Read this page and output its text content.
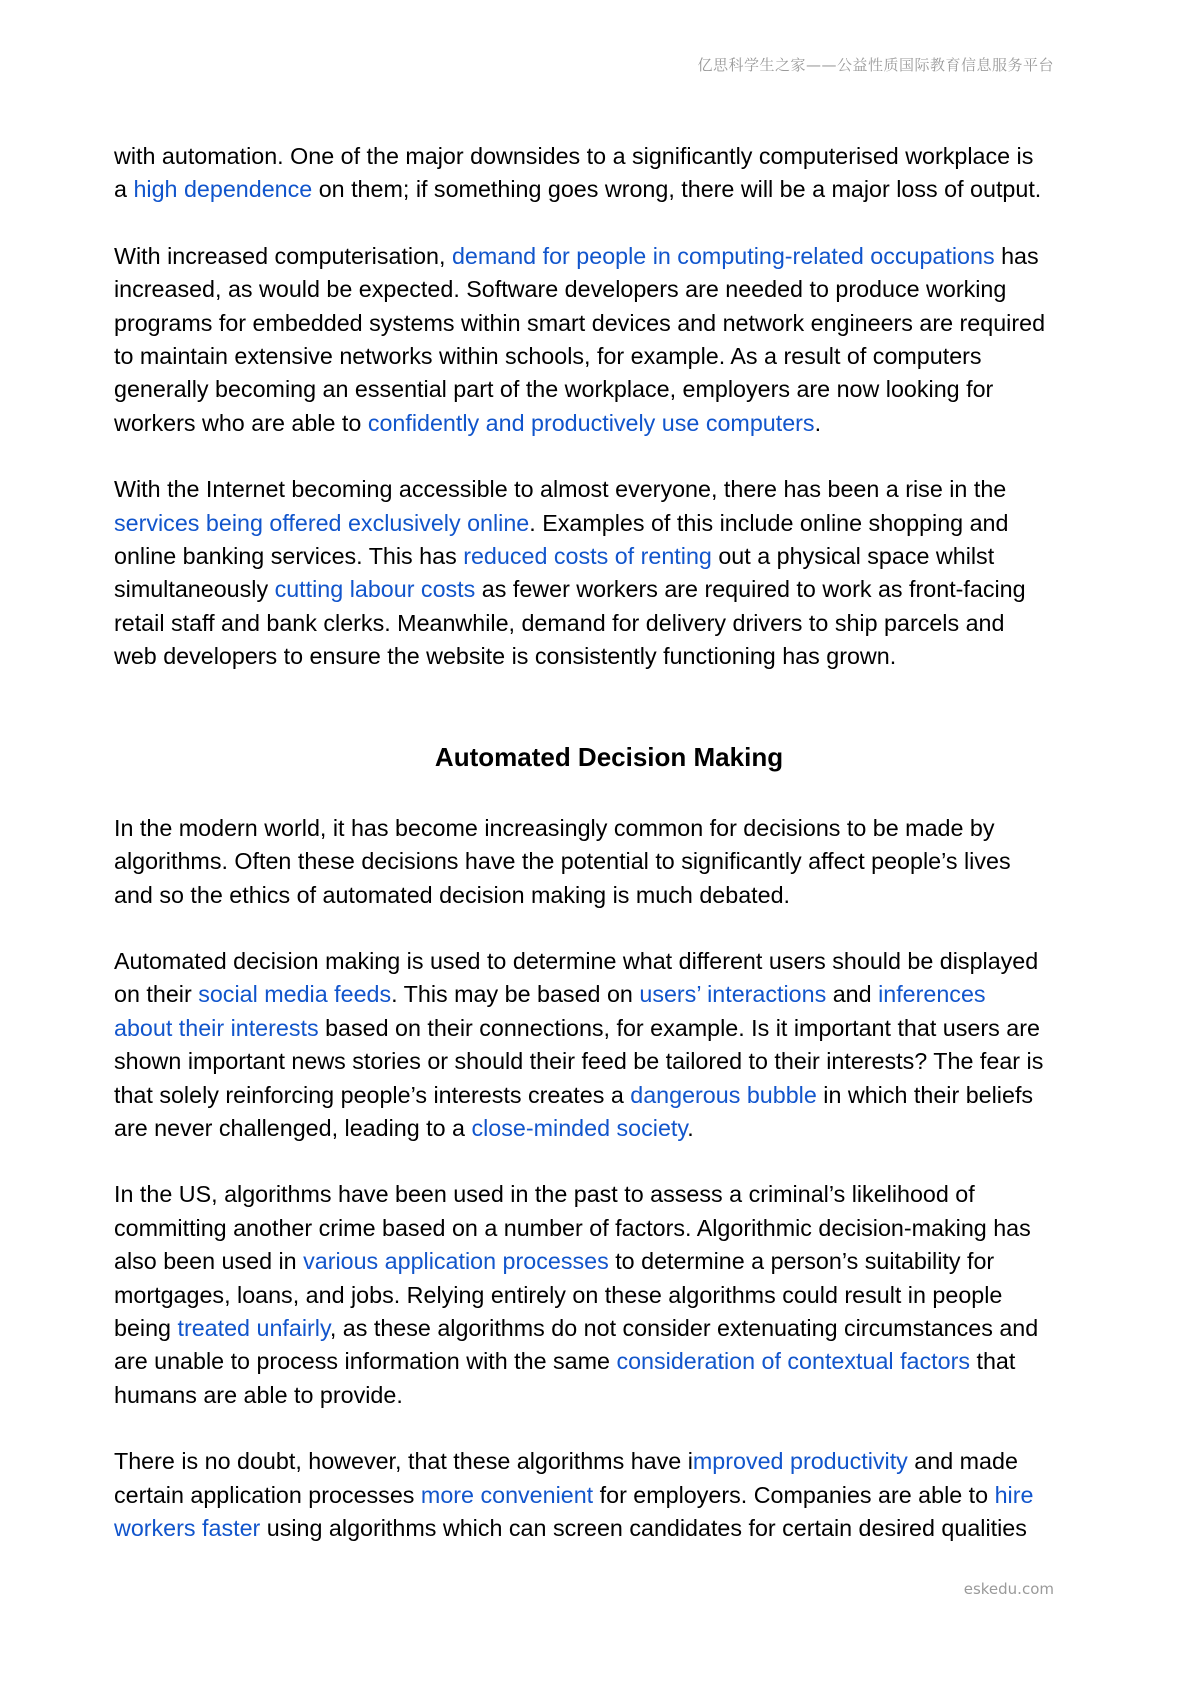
亿思科学生之家——公益性质国际教育信息服务平台

with automation. One of the major downsides to a significantly computerised workplace is
a high dependence on them; if something goes wrong, there will be a major loss of output.

With increased computerisation, demand for people in computing-related occupations has
increased, as would be expected. Software developers are needed to produce working
programs for embedded systems within smart devices and network engineers are required
to maintain extensive networks within schools, for example. As a result of computers
generally becoming an essential part of the workplace, employers are now looking for
workers who are able to confidently and productively use computers.

With the Internet becoming accessible to almost everyone, there has been a rise in the
services being offered exclusively online. Examples of this include online shopping and
online banking services. This has reduced costs of renting out a physical space whilst
simultaneously cutting labour costs as fewer workers are required to work as front-facing
retail staff and bank clerks. Meanwhile, demand for delivery drivers to ship parcels and
web developers to ensure the website is consistently functioning has grown.

Automated Decision Making

In the modern world, it has become increasingly common for decisions to be made by
algorithms. Often these decisions have the potential to significantly affect people’s lives
and so the ethics of automated decision making is much debated.

Automated decision making is used to determine what different users should be displayed
on their social media feeds. This may be based on users’ interactions and inferences
about their interests based on their connections, for example. Is it important that users are
shown important news stories or should their feed be tailored to their interests? The fear is
that solely reinforcing people’s interests creates a dangerous bubble in which their beliefs
are never challenged, leading to a close-minded society.

In the US, algorithms have been used in the past to assess a criminal’s likelihood of
committing another crime based on a number of factors. Algorithmic decision-making has
also been used in various application processes to determine a person’s suitability for
mortgages, loans, and jobs. Relying entirely on these algorithms could result in people
being treated unfairly, as these algorithms do not consider extenuating circumstances and
are unable to process information with the same consideration of contextual factors that
humans are able to provide.

There is no doubt, however, that these algorithms have improved productivity and made
certain application processes more convenient for employers. Companies are able to hire
workers faster using algorithms which can screen candidates for certain desired qualities

eskedu.com
